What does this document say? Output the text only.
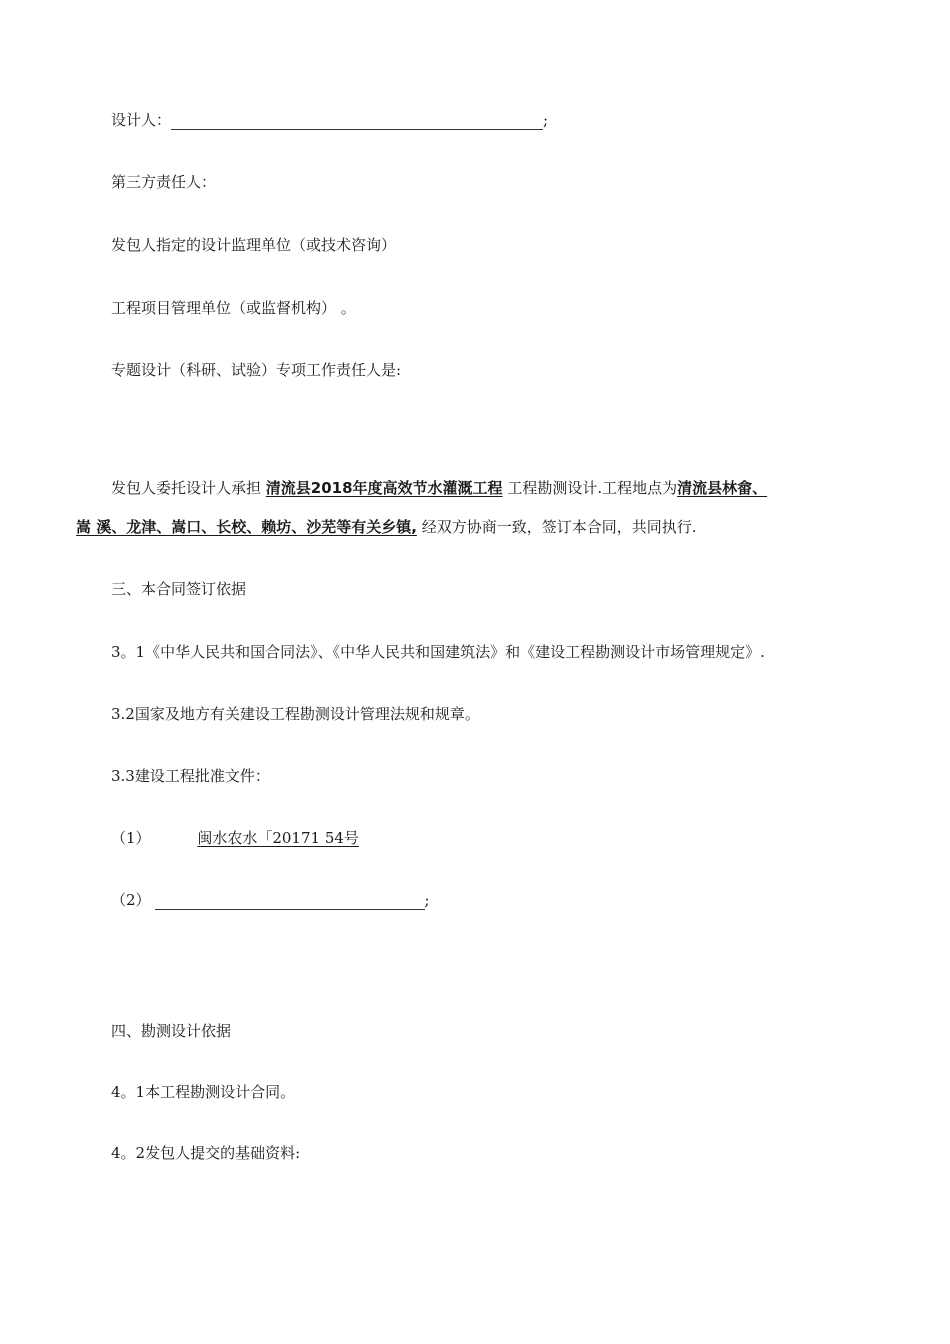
设计人：	;
第三方责任人：
发包人指定的设计监理单位（或技术咨询）
工程项目管理单位（或监督机构） 。
专题设计（科研、试验）专项工作责任人是:
发包人委托设计人承担 清流县2018年度高效节水灌溉工程 工程勘测设计.工程地点为清流县林畲、
嵩 溪、龙津、嵩口、长校、赖坊、沙芜等有关乡镇, 经双方协商一致，签订本合同，共同执行.
三、本合同签订依据
3。1《中华人民共和国合同法》、《中华人民共和国建筑法》和《建设工程勘测设计市场管理规定》.
3.2国家及地方有关建设工程勘测设计管理法规和规章。
3.3建设工程批准文件：
（1）	闽水农水「20171 54号
（2）	;
四、勘测设计依据
4。1本工程勘测设计合同。
4。2发包人提交的基础资料:
